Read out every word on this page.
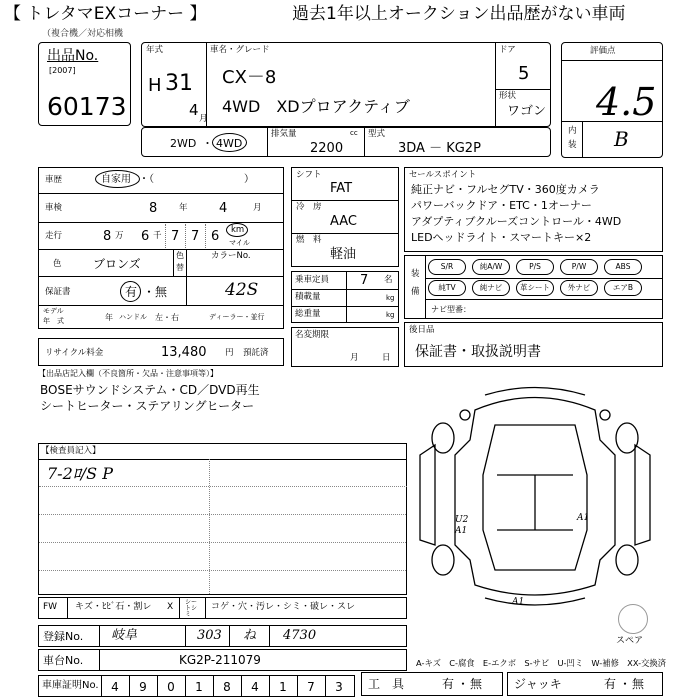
【 トレタマEXコーナー 】	過去1年以上オークション出品歴がない車両
（複合機／対応相機
出品No.
[2007]
60173
年式
H 31
4 月
車名・グレード
CX－8
4WD　XDプロアクティブ
ドア
5
形状
ワゴン
評価点
4.5
内
装 B
2WD ・ 4WD
排気量	cc
2200
型式
3DA － KG2P
車歴	自家用 ・（　　　　　　　　　）
車検	8	年 4	月
走行	8 万 6 千 7 7 6 km
マイル
色	ブロンズ
色
替
カラーNo.
保証書	有 ・ 無	42S
モデル
年　式	年 ハンドル 左・右	ディーラー・並行
リサイクル料金	13,480 円 預託済
シフト
FAT
冷　房
AAC
燃　料
軽油
乗車定員 7 名
積載量	kg
総重量	kg
名変期限
月	日
セールスポイント
純正ナビ・フルセグTV・360度カメラ
パワーバックドア・ETC・1オーナー
アダプティブクルーズコントロール・4WD
LEDヘッドライト・スマートキー×2
装
備
S/R	純A/W	P/S	P/W	ABS
純TV	純ナビ	革シート	外ナビ	エアB
ナビ型番：
後日品
保証書・取扱説明書
【出品店記入欄（不良箇所・欠品・注意事項等）】
BOSEサウンドシステム・CD／DVD再生
シートヒーター・ステアリングヒーター
【検査員記入】
7-2ﾛ/S P
A1
U2	A1
A1
スペア
FW キズ・ﾋﾋﾞ石・割レ X シートシミ
コゲ・穴・汚レ・シミ・破レ・スレ
登録No. 岐阜	303 ね 4730
車台No.	KG2P-211079	A-キズ　C-腐食　E-エクボ　S-サビ　U-凹ミ　W-補修　XX-交換済
車庫証明No.	4	9	0	1	8	4	1	7	3	工　具	有 ・ 無	ジャッキ	有 ・ 無
